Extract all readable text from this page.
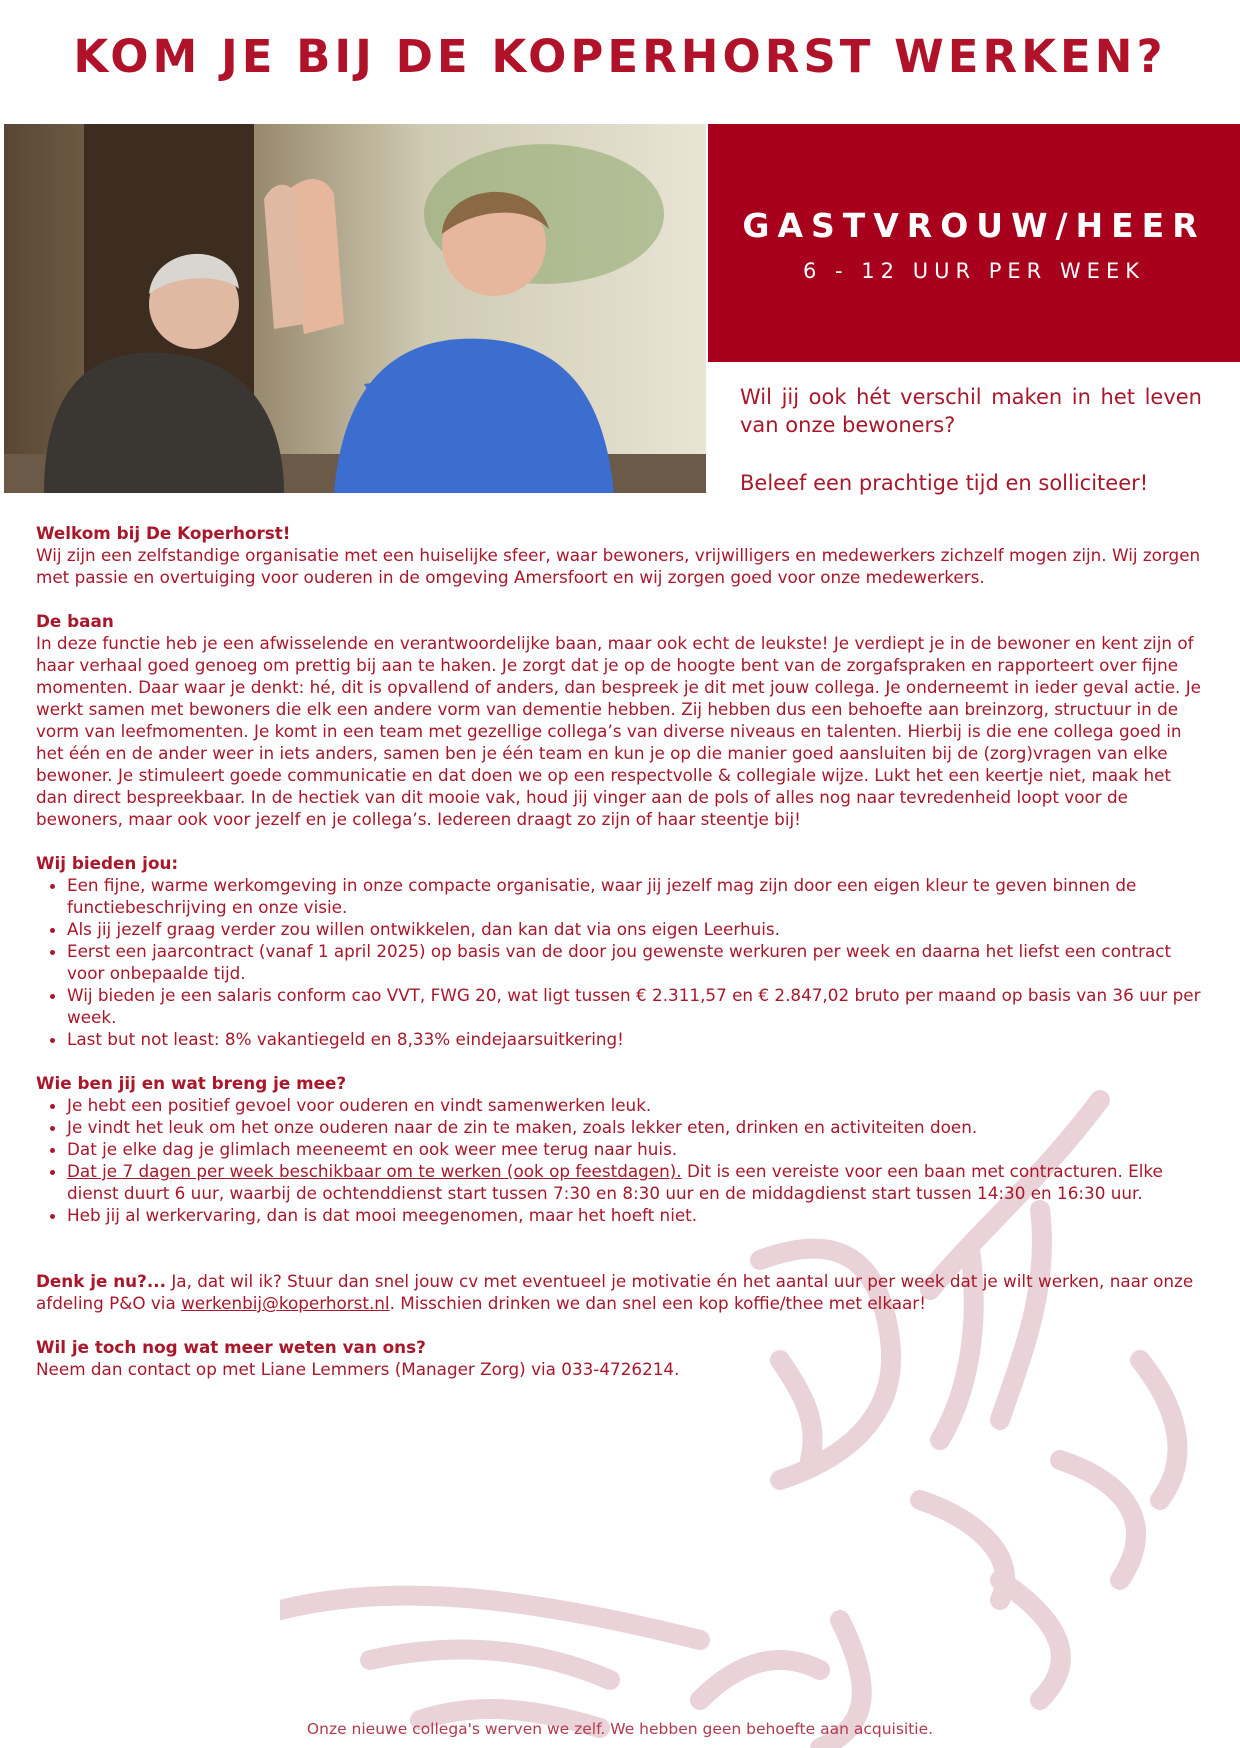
KOM JE BIJ DE KOPERHORST WERKEN?
GASTVROUW/HEER
6 - 12 UUR PER WEEK

Wil jij ook hét verschil maken in het leven van onze bewoners?

Beleef een prachtige tijd en solliciteer!

Welkom bij De Koperhorst!

Wij zijn een zelfstandige organisatie met een huiselijke sfeer, waar bewoners, vrijwilligers en medewerkers zichzelf mogen zijn. Wij zorgen met passie en overtuiging voor ouderen in de omgeving Amersfoort en wij zorgen goed voor onze medewerkers.

De baan

In deze functie heb je een afwisselende en verantwoordelijke baan, maar ook echt de leukste! Je verdiept je in de bewoner en kent zijn of haar verhaal goed genoeg om prettig bij aan te haken. Je zorgt dat je op de hoogte bent van de zorgafspraken en rapporteert over fijne momenten. Daar waar je denkt: hé, dit is opvallend of anders, dan bespreek je dit met jouw collega. Je onderneemt in ieder geval actie. Je werkt samen met bewoners die elk een andere vorm van dementie hebben. Zij hebben dus een behoefte aan breinzorg, structuur in de vorm van leefmomenten. Je komt in een team met gezellige collega’s van diverse niveaus en talenten. Hierbij is die ene collega goed in het één en de ander weer in iets anders, samen ben je één team en kun je op die manier goed aansluiten bij de (zorg)vragen van elke bewoner. Je stimuleert goede communicatie en dat doen we op een respectvolle & collegiale wijze. Lukt het een keertje niet, maak het dan direct bespreekbaar. In de hectiek van dit mooie vak, houd jij vinger aan de pols of alles nog naar tevredenheid loopt voor de bewoners, maar ook voor jezelf en je collega’s. Iedereen draagt zo zijn of haar steentje bij!

Wij bieden jou:
• Een fijne, warme werkomgeving in onze compacte organisatie, waar jij jezelf mag zijn door een eigen kleur te geven binnen de functiebeschrijving en onze visie.
• Als jij jezelf graag verder zou willen ontwikkelen, dan kan dat via ons eigen Leerhuis.
• Eerst een jaarcontract (vanaf 1 april 2025) op basis van de door jou gewenste werkuren per week en daarna het liefst een contract voor onbepaalde tijd.
• Wij bieden je een salaris conform cao VVT, FWG 20, wat ligt tussen € 2.311,57 en € 2.847,02 bruto per maand op basis van 36 uur per week.
• Last but not least: 8% vakantiegeld en 8,33% eindejaarsuitkering!
Wie ben jij en wat breng je mee?
• Je hebt een positief gevoel voor ouderen en vindt samenwerken leuk.
• Je vindt het leuk om het onze ouderen naar de zin te maken, zoals lekker eten, drinken en activiteiten doen.
• Dat je elke dag je glimlach meeneemt en ook weer mee terug naar huis.
• Dat je 7 dagen per week beschikbaar om te werken (ook op feestdagen). Dit is een vereiste voor een baan met contracturen. Elke dienst duurt 6 uur, waarbij de ochtenddienst start tussen 7:30 en 8:30 uur en de middagdienst start tussen 14:30 en 16:30 uur.
• Heb jij al werkervaring, dan is dat mooi meegenomen, maar het hoeft niet.

Denk je nu?... Ja, dat wil ik? Stuur dan snel jouw cv met eventueel je motivatie én het aantal uur per week dat je wilt werken, naar onze afdeling P&O via werkenbij@koperhorst.nl. Misschien drinken we dan snel een kop koffie/thee met elkaar!

Wil je toch nog wat meer weten van ons?

Neem dan contact op met Liane Lemmers (Manager Zorg) via 033-4726214.

Onze nieuwe collega's werven we zelf. We hebben geen behoefte aan acquisitie.
